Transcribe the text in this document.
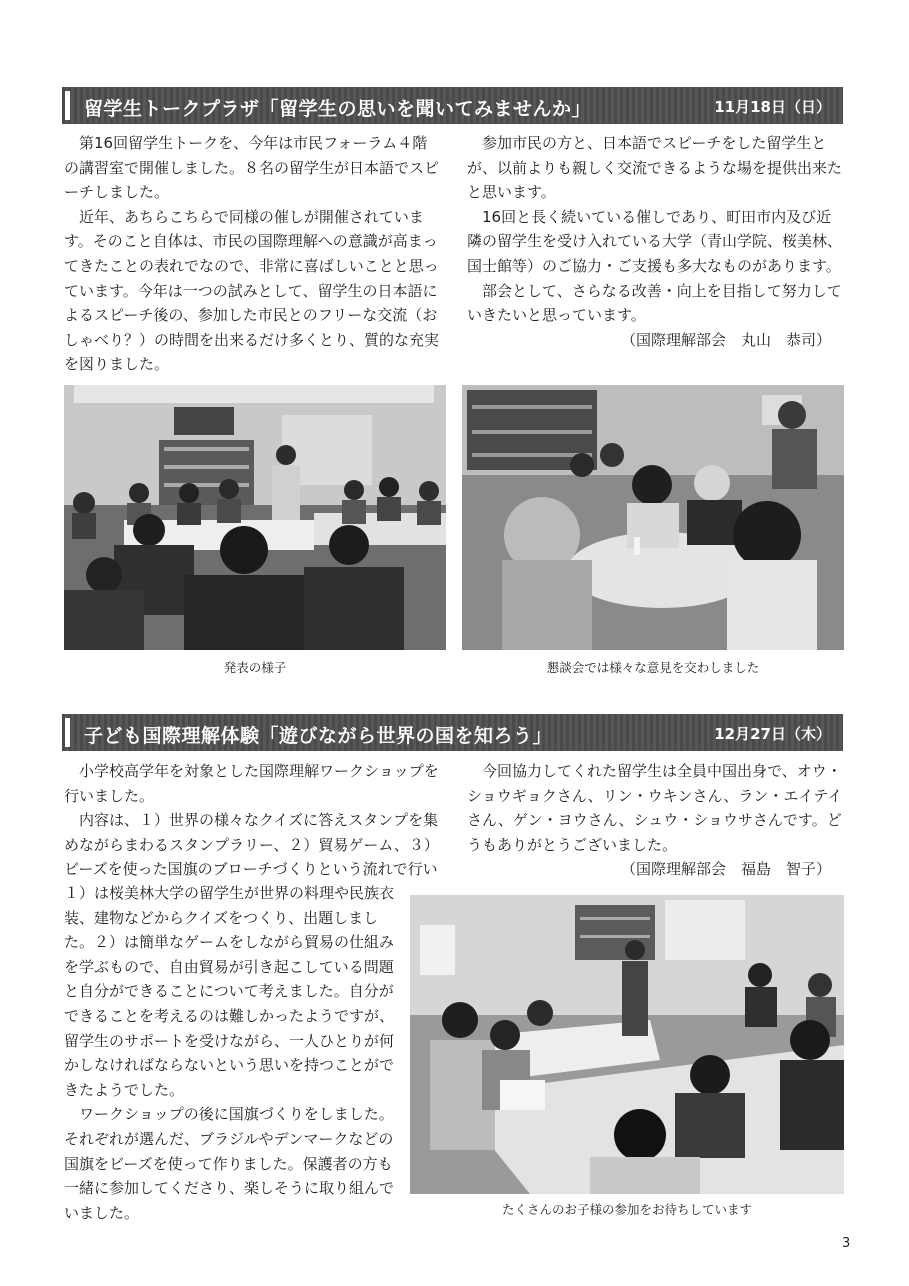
留学生トークプラザ「留学生の思いを聞いてみませんか」	11月18日（日）

第16回留学生トークを、今年は市民フォーラム４階の講習室で開催しました。８名の留学生が日本語でスピーチしました。

近年、あちらこちらで同様の催しが開催されています。そのこと自体は、市民の国際理解への意識が高まってきたことの表れでなので、非常に喜ばしいことと思っています。今年は一つの試みとして、留学生の日本語によるスピーチ後の、参加した市民とのフリーな交流（おしゃべり？）の時間を出来るだけ多くとり、質的な充実を図りました。

参加市民の方と、日本語でスピーチをした留学生とが、以前よりも親しく交流できるような場を提供出来たと思います。

16回と長く続いている催しであり、町田市内及び近隣の留学生を受け入れている大学（青山学院、桜美林、国士館等）のご協力・ご支援も多大なものがあります。

部会として、さらなる改善・向上を目指して努力していきたいと思っています。

（国際理解部会　丸山　恭司）

発表の様子	懇談会では様々な意見を交わしました
子ども国際理解体験「遊びながら世界の国を知ろう」	12月27日（木）

小学校高学年を対象とした国際理解ワークショップを行いました。

内容は、１）世界の様々なクイズに答えスタンプを集めながらまわるスタンプラリー、２）貿易ゲーム、３）ビーズを使った国旗のブローチづくりという流れで行い

１）は桜美林大学の留学生が世界の料理や民族衣装、建物などからクイズをつくり、出題しました。２）は簡単なゲームをしながら貿易の仕組みを学ぶもので、自由貿易が引き起こしている問題と自分ができることについて考えました。自分ができることを考えるのは難しかったようですが、留学生のサポートを受けながら、一人ひとりが何かしなければならないという思いを持つことができたようでした。

ワークショップの後に国旗づくりをしました。それぞれが選んだ、ブラジルやデンマークなどの国旗をビーズを使って作りました。保護者の方も一緒に参加してくださり、楽しそうに取り組んでいました。

今回協力してくれた留学生は全員中国出身で、オウ・ショウギョクさん、リン・ウキンさん、ラン・エイテイさん、ゲン・ヨウさん、シュウ・ショウサさんです。どうもありがとうございました。

（国際理解部会　福島　智子）

たくさんのお子様の参加をお待ちしています
3
